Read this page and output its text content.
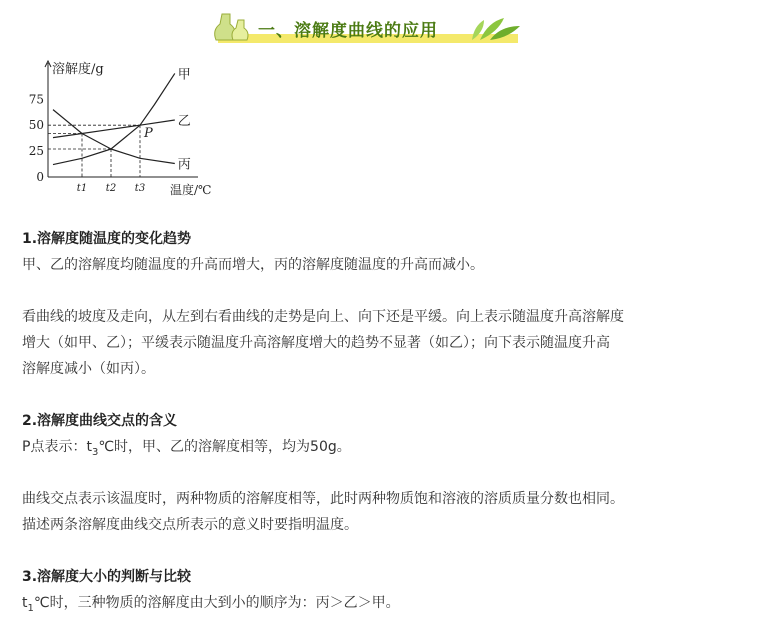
一、溶解度曲线的应用
溶解度/g
温度/℃
75
50
25
0
t1 t2 t3
甲
乙
丙
P

1.溶解度随温度的变化趋势

甲、乙的溶解度均随温度的升高而增大，丙的溶解度随温度的升高而减小。

看曲线的坡度及走向，从左到右看曲线的走势是向上、向下还是平缓。向上表示随温度升高溶解度

增大（如甲、乙）；平缓表示随温度升高溶解度增大的趋势不显著（如乙）；向下表示随温度升高

溶解度减小（如丙）。

2.溶解度曲线交点的含义

P点表示：$t_3℃$时，甲、乙的溶解度相等，均为50g。

曲线交点表示该温度时，两种物质的溶解度相等，此时两种物质饱和溶液的溶质质量分数也相同。

描述两条溶解度曲线交点所表示的意义时要指明温度。

3.溶解度大小的判断与比较

$t_1℃$时，三种物质的溶解度由大到小的顺序为：丙＞乙＞甲。
